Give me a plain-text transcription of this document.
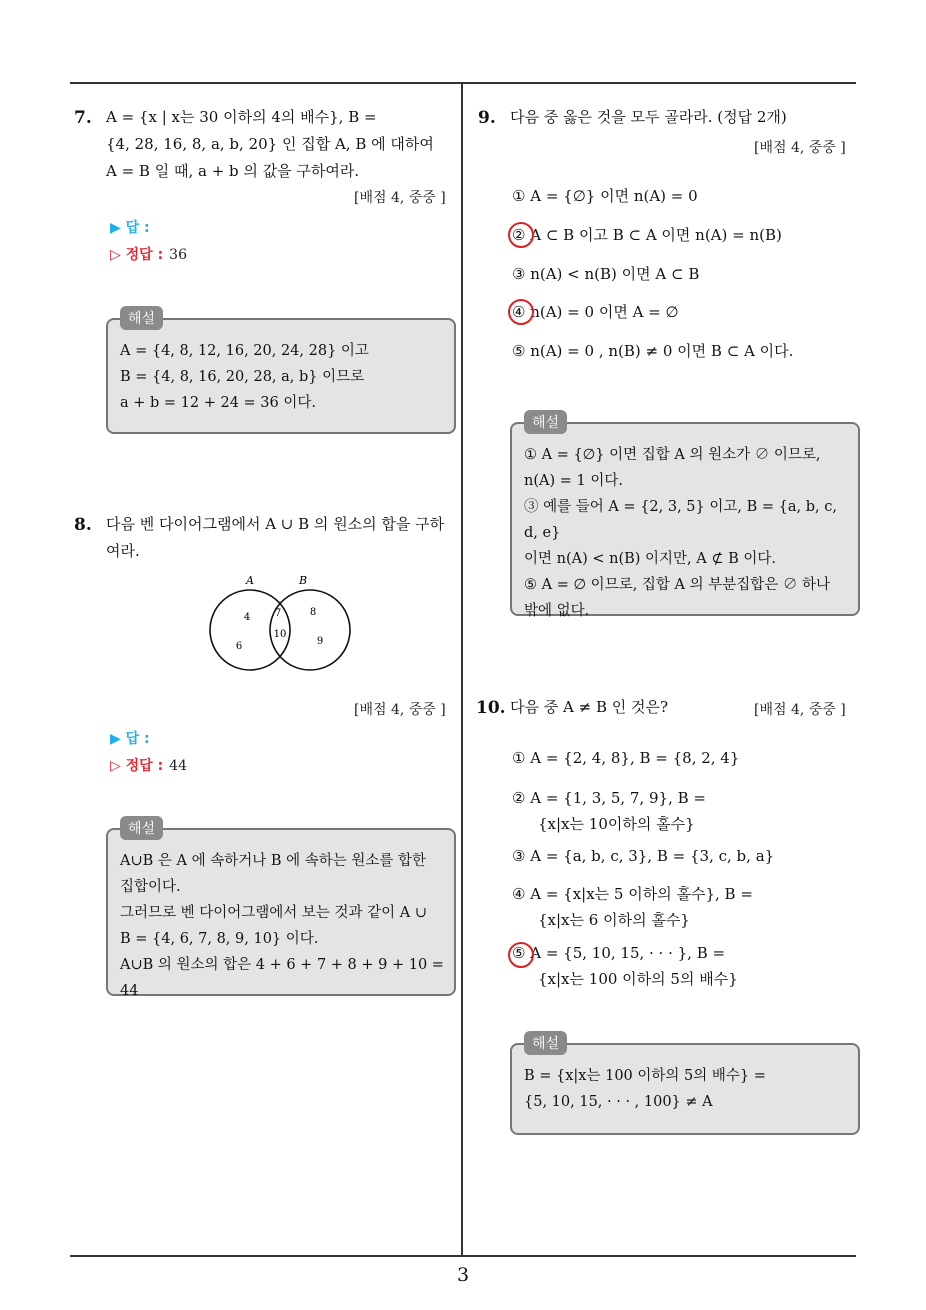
7. A = {x | x는 30 이하의 4의 배수}, B =
{4, 28, 16, 8, a, b, 20} 인 집합 A, B 에 대하여
A = B 일 때, a + b 의 값을 구하여라.
[배점 4, 중중 ]
▶ 답 :
▷ 정답 : 36
해설
A = {4, 8, 12, 16, 20, 24, 28} 이고
B = {4, 8, 16, 20, 28, a, b} 이므로
a + b = 12 + 24 = 36 이다.
8. 다음 벤 다이어그램에서 A ∪ B 의 원소의 합을 구하
여라.
A	B
4
6
7
10
8
9
[배점 4, 중중 ]
▶ 답 :
▷ 정답 : 44
해설
A∪B 은 A 에 속하거나 B 에 속하는 원소를 합한
집합이다.
그러므로 벤 다이어그램에서 보는 것과 같이 A ∪
B = {4, 6, 7, 8, 9, 10} 이다.
A∪B 의 원소의 합은 4 + 6 + 7 + 8 + 9 + 10 = 44
9. 다음 중 옳은 것을 모두 골라라. (정답 2개)
[배점 4, 중중 ]
① A = {∅} 이면 n(A) = 0
② A ⊂ B 이고 B ⊂ A 이면 n(A) = n(B)
③ n(A) < n(B) 이면 A ⊂ B
④ n(A) = 0 이면 A = ∅
⑤ n(A) = 0 , n(B) ≠ 0 이면 B ⊂ A 이다.
해설
① A = {∅} 이면 집합 A 의 원소가 ∅ 이므로,
n(A) = 1 이다.
③ 예를 들어 A = {2, 3, 5} 이고, B = {a, b, c, d, e}
이면 n(A) < n(B) 이지만, A ⊄ B 이다.
⑤ A = ∅ 이므로, 집합 A 의 부분집합은 ∅ 하나
밖에 없다.
10. 다음 중 A ≠ B 인 것은?	[배점 4, 중중 ]
① A = {2, 4, 8}, B = {8, 2, 4}
② A = {1, 3, 5, 7, 9}, B =
{x|x는 10이하의 홀수}
③ A = {a, b, c, 3}, B = {3, c, b, a}
④ A = {x|x는 5 이하의 홀수}, B =
{x|x는 6 이하의 홀수}
⑤ A = {5, 10, 15, · · · }, B =
{x|x는 100 이하의 5의 배수}
해설
B = {x|x는 100 이하의 5의 배수} =
{5, 10, 15, · · · , 100} ≠ A
3
